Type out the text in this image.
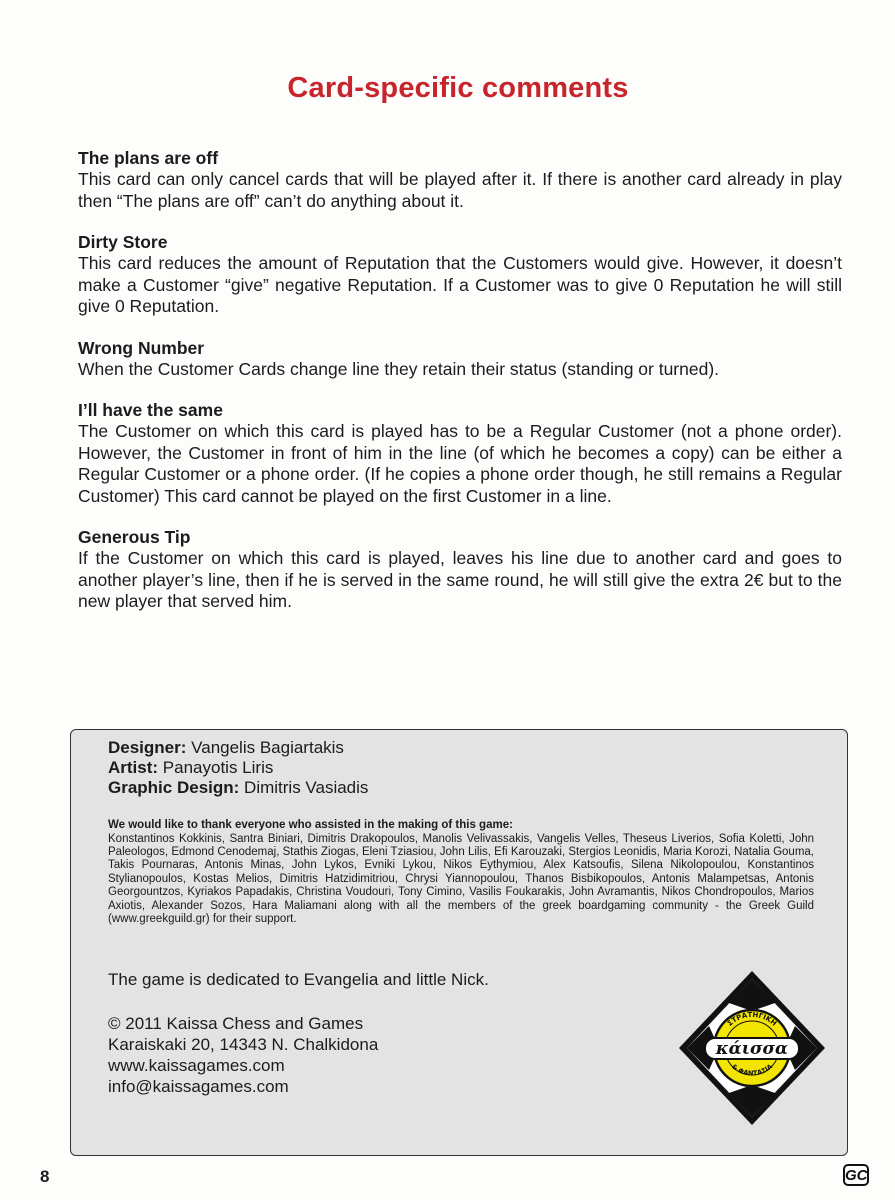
Card-specific comments
The plans are off

This card can only cancel cards that will be played after it. If there is another card already in play then “The plans are off” can’t do anything about it.

Dirty Store

This card reduces the amount of Reputation that the Customers would give. However, it doesn’t make a Customer “give” negative Reputation. If a Customer was to give 0 Reputation he will still give 0 Reputation.

Wrong Number

When the Customer Cards change line they retain their status (standing or turned).

I’ll have the same

The Customer on which this card is played has to be a Regular Customer (not a phone order). However, the Customer in front of him in the line (of which he becomes a copy) can be either a Regular Customer or a phone order. (If he copies a phone order though, he still remains a Regular Customer) This card cannot be played on the first Customer in a line.

Generous Tip

If the Customer on which this card is played, leaves his line due to another card and goes to another player’s line, then if he is served in the same round, he will still give the extra 2€ but to the new player that served him.

Designer: Vangelis Bagiartakis
Artist: Panayotis Liris
Graphic Design: Dimitris Vasiadis
We would like to thank everyone who assisted in the making of this game:

Konstantinos Kokkinis, Santra Biniari, Dimitris Drakopoulos, Manolis Velivassakis, Vangelis Velles, Theseus Liverios, Sofia Koletti, John Paleologos, Edmond Cenodemaj, Stathis Ziogas, Eleni Tziasiou, John Lilis, Efi Karouzaki, Stergios Leonidis, Maria Korozi, Natalia Gouma, Takis Pournaras, Antonis Minas, John Lykos, Evniki Lykou, Nikos Eythymiou, Alex Katsoufis, Silena Nikolopoulou, Konstantinos Stylianopoulos, Kostas Melios, Dimitris Hatzidimitriou, Chrysi Yiannopoulou, Thanos Bisbikopoulos, Antonis Malampetsas, Antonis Georgountzos, Kyriakos Papadakis, Christina Voudouri, Tony Cimino, Vasilis Foukarakis, John Avramantis, Nikos Chondropoulos, Marios Axiotis, Alexander Sozos, Hara Maliamani along with all the members of the greek boardgaming community - the Greek Guild (www.greekguild.gr) for their support.

The game is dedicated to Evangelia and little Nick.
© 2011 Kaissa Chess and Games
Karaiskaki 20, 14343 N. Chalkidona
www.kaissagames.com
info@kaissagames.com
ΣΤΡΑΤΗΓΙΚΗ
& ΦΑΝΤΑΣΙΑ
κάισσα
8	GC
